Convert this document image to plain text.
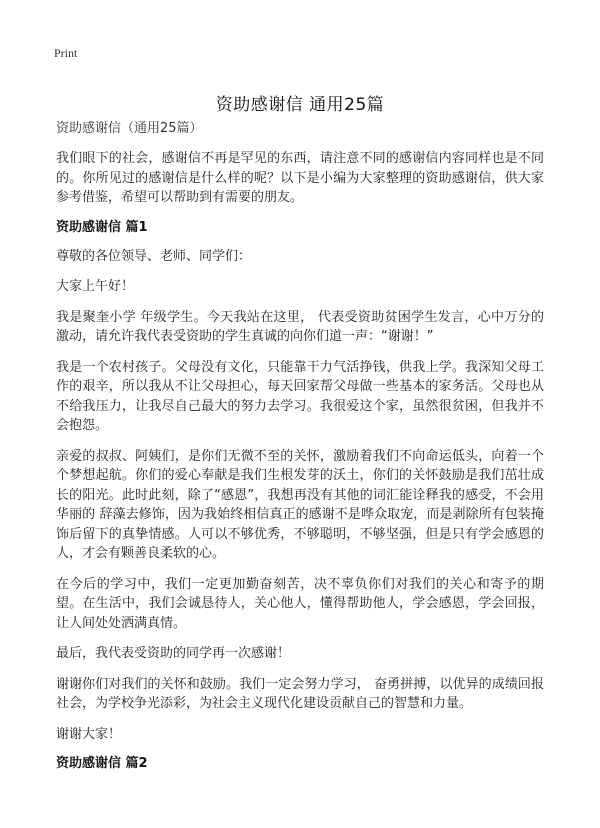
Print
资助感谢信 通用25篇
资助感谢信（通用25篇）

我们眼下的社会，感谢信不再是罕见的东西，请注意不同的感谢信内容同样也是不同的。你所见过的感谢信是什么样的呢？以下是小编为大家整理的资助感谢信，供大家参考借鉴，希望可以帮助到有需要的朋友。

资助感谢信 篇1

尊敬的各位领导、老师、同学们：

大家上午好！

我是聚奎小学 年级学生。今天我站在这里， 代表受资助贫困学生发言，心中万分的激动，请允许我代表受资助的学生真诚的向你们道一声：“谢谢！”

我是一个农村孩子。父母没有文化，只能靠干力气活挣钱，供我上学。我深知父母工作的艰辛，所以我从不让父母担心，每天回家帮父母做一些基本的家务活。父母也从不给我压力，让我尽自己最大的努力去学习。我很爱这个家，虽然很贫困，但我并不会抱怨。

亲爱的叔叔、阿姨们，是你们无微不至的关怀，激励着我们不向命运低头，向着一个个梦想起航。你们的爱心奉献是我们生根发芽的沃土，你们的关怀鼓励是我们茁壮成长的阳光。此时此刻，除了“感恩”，我想再没有其他的词汇能诠释我的感受，不会用华丽的 辞藻去修饰，因为我始终相信真正的感谢不是哗众取宠，而是剥除所有包装掩饰后留下的真挚情感。人可以不够优秀，不够聪明，不够坚强，但是只有学会感恩的人，才会有颗善良柔软的心。

在今后的学习中，我们一定更加勤奋刻苦，决不辜负你们对我们的关心和寄予的期望。在生活中，我们会诚恳待人，关心他人，懂得帮助他人，学会感恩，学会回报，让人间处处洒满真情。

最后，我代表受资助的同学再一次感谢！

谢谢你们对我们的关怀和鼓励。我们一定会努力学习， 奋勇拼搏，以优异的成绩回报社会，为学校争光添彩，为社会主义现代化建设贡献自己的智慧和力量。

谢谢大家！

资助感谢信 篇2
